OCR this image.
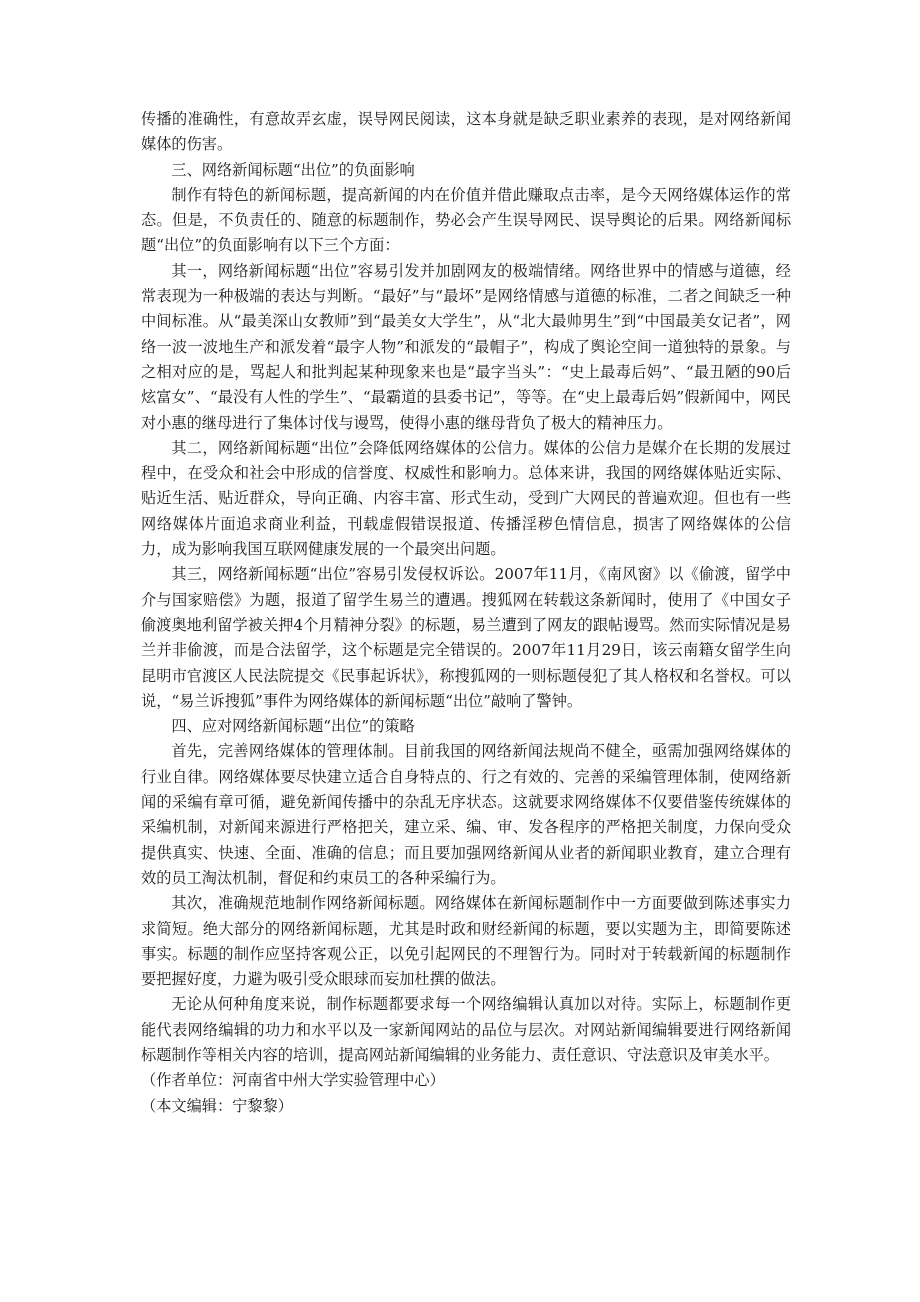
传播的准确性，有意故弄玄虚，误导网民阅读，这本身就是缺乏职业素养的表现，是对网络新闻媒体的伤害。

三、网络新闻标题“出位”的负面影响

制作有特色的新闻标题，提高新闻的内在价值并借此赚取点击率，是今天网络媒体运作的常态。但是，不负责任的、随意的标题制作，势必会产生误导网民、误导舆论的后果。网络新闻标题“出位”的负面影响有以下三个方面：

其一，网络新闻标题“出位”容易引发并加剧网友的极端情绪。网络世界中的情感与道德，经常表现为一种极端的表达与判断。“最好”与“最坏”是网络情感与道德的标准，二者之间缺乏一种中间标准。从“最美深山女教师”到“最美女大学生”，从“北大最帅男生”到“中国最美女记者”，网络一波一波地生产和派发着“最字人物”和派发的“最帽子”，构成了舆论空间一道独特的景象。与之相对应的是，骂起人和批判起某种现象来也是“最字当头”：“史上最毒后妈”、“最丑陋的90后炫富女”、“最没有人性的学生”、“最霸道的县委书记”，等等。在“史上最毒后妈”假新闻中，网民对小惠的继母进行了集体讨伐与谩骂，使得小惠的继母背负了极大的精神压力。

其二，网络新闻标题“出位”会降低网络媒体的公信力。媒体的公信力是媒介在长期的发展过程中，在受众和社会中形成的信誉度、权威性和影响力。总体来讲，我国的网络媒体贴近实际、贴近生活、贴近群众，导向正确、内容丰富、形式生动，受到广大网民的普遍欢迎。但也有一些网络媒体片面追求商业利益，刊载虚假错误报道、传播淫秽色情信息，损害了网络媒体的公信力，成为影响我国互联网健康发展的一个最突出问题。

其三，网络新闻标题“出位”容易引发侵权诉讼。2007年11月，《南风窗》以《偷渡，留学中介与国家赔偿》为题，报道了留学生易兰的遭遇。搜狐网在转载这条新闻时，使用了《中国女子偷渡奥地利留学被关押4个月精神分裂》的标题，易兰遭到了网友的跟帖谩骂。然而实际情况是易兰并非偷渡，而是合法留学，这个标题是完全错误的。2007年11月29日，该云南籍女留学生向昆明市官渡区人民法院提交《民事起诉状》，称搜狐网的一则标题侵犯了其人格权和名誉权。可以说，“易兰诉搜狐”事件为网络媒体的新闻标题“出位”敲响了警钟。

四、应对网络新闻标题“出位”的策略

首先，完善网络媒体的管理体制。目前我国的网络新闻法规尚不健全，亟需加强网络媒体的行业自律。网络媒体要尽快建立适合自身特点的、行之有效的、完善的采编管理体制，使网络新闻的采编有章可循，避免新闻传播中的杂乱无序状态。这就要求网络媒体不仅要借鉴传统媒体的采编机制，对新闻来源进行严格把关，建立采、编、审、发各程序的严格把关制度，力保向受众提供真实、快速、全面、准确的信息；而且要加强网络新闻从业者的新闻职业教育，建立合理有效的员工淘汰机制，督促和约束员工的各种采编行为。

其次，准确规范地制作网络新闻标题。网络媒体在新闻标题制作中一方面要做到陈述事实力求简短。绝大部分的网络新闻标题，尤其是时政和财经新闻的标题，要以实题为主，即简要陈述事实。标题的制作应坚持客观公正，以免引起网民的不理智行为。同时对于转载新闻的标题制作要把握好度，力避为吸引受众眼球而妄加杜撰的做法。

无论从何种角度来说，制作标题都要求每一个网络编辑认真加以对待。实际上，标题制作更能代表网络编辑的功力和水平以及一家新闻网站的品位与层次。对网站新闻编辑要进行网络新闻标题制作等相关内容的培训，提高网站新闻编辑的业务能力、责任意识、守法意识及审美水平。

（作者单位：河南省中州大学实验管理中心）

（本文编辑：宁黎黎）
